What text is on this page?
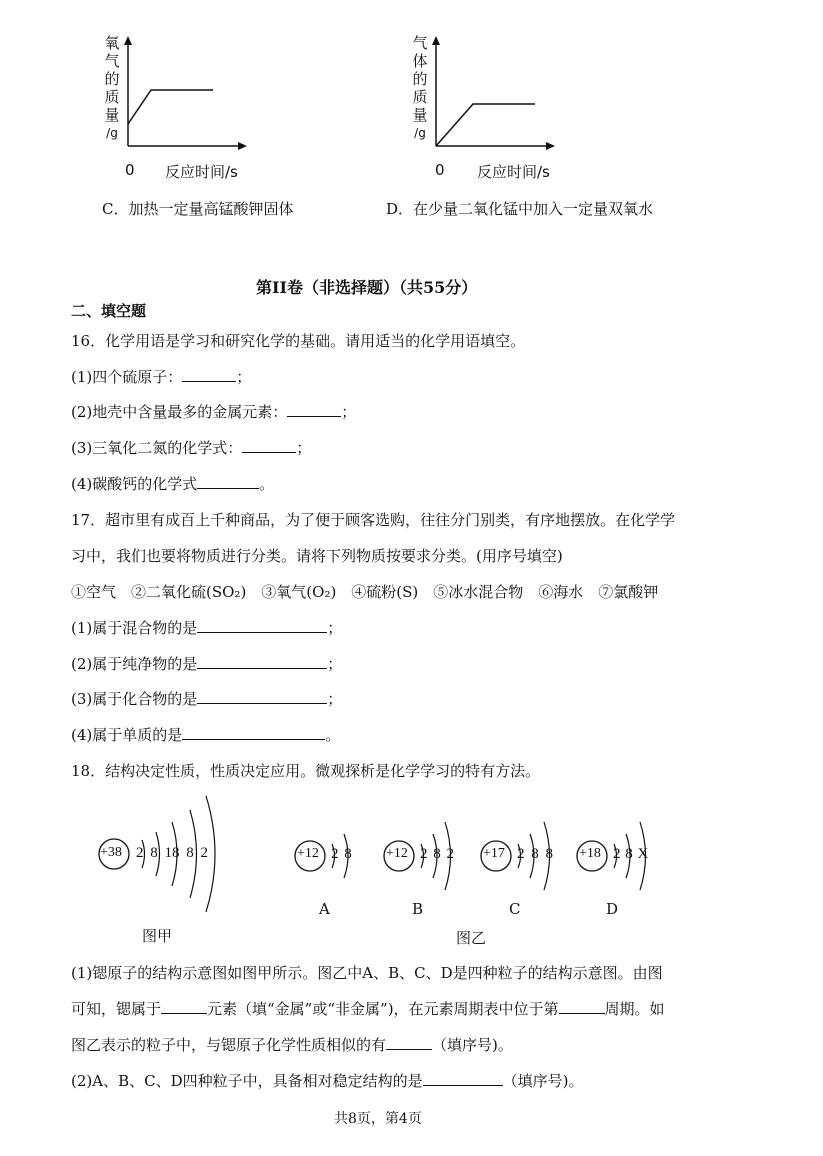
氧
气
的
质
量
/g
0 反应时间/s
C．加热一定量高锰酸钾固体
气
体
的
质
量
/g
0 反应时间/s
D．在少量二氧化锰中加入一定量双氧水
第II卷（非选择题）（共55分）
二、填空题
16．化学用语是学习和研究化学的基础。请用适当的化学用语填空。
(1)四个硫原子：	；
(2)地壳中含量最多的金属元素：	；
(3)三氧化二氮的化学式：	；
(4)碳酸钙的化学式	。
17．超市里有成百上千种商品，为了便于顾客选购，往往分门别类，有序地摆放。在化学学
习中，我们也要将物质进行分类。请将下列物质按要求分类。(用序号填空)
①空气　②二氧化硫(SO₂)　③氧气(O₂)　④硫粉(S)　⑤冰水混合物　⑥海水　⑦氯酸钾
(1)属于混合物的是	；
(2)属于纯净物的是	；
(3)属于化合物的是	；
(4)属于单质的是	。
18．结构决定性质，性质决定应用。微观探析是化学学习的特有方法。
+38 2 8 18 8 2
图甲
+12 2 8
A
+12 2 8 2
B
+17 2 8 8
C
+18 2 8 X
D
图乙
(1)锶原子的结构示意图如图甲所示。图乙中A、B、C、D是四种粒子的结构示意图。由图
可知，锶属于	元素（填“金属”或“非金属”)，在元素周期表中位于第	周期。如
图乙表示的粒子中，与锶原子化学性质相似的有	（填序号)。
(2)A、B、C、D四种粒子中，具备相对稳定结构的是	（填序号)。
共8页，第4页
